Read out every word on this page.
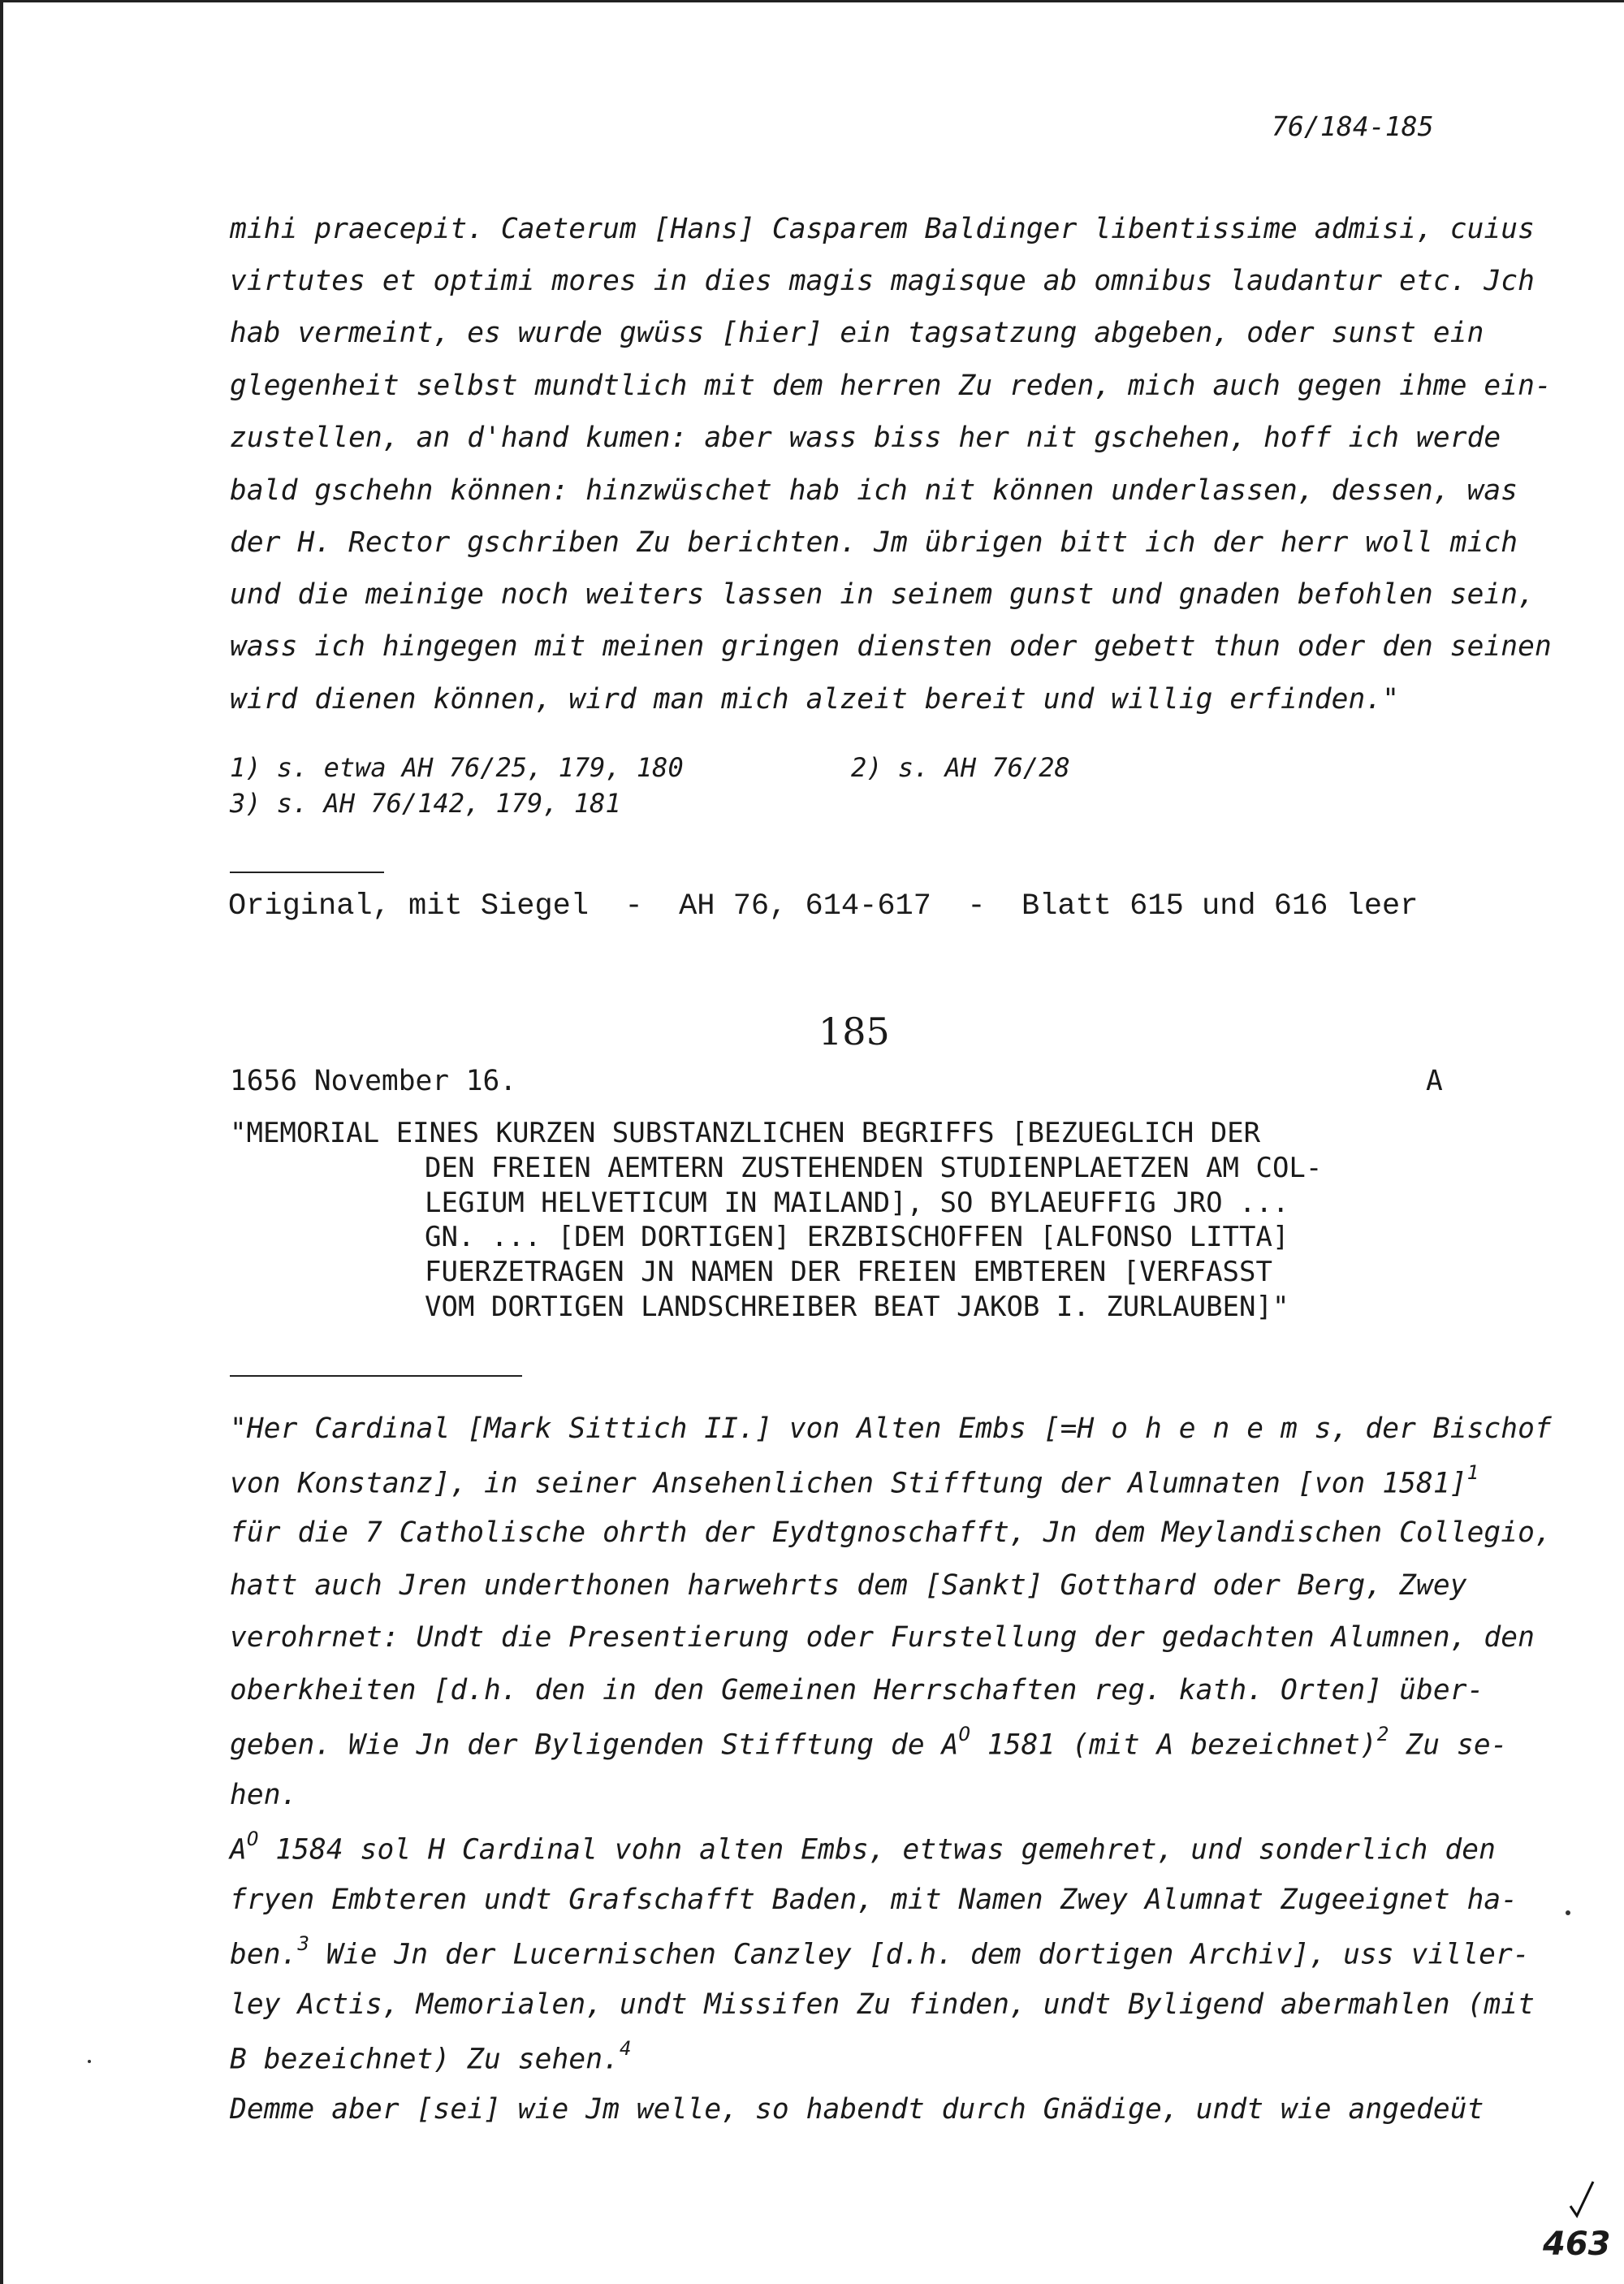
76/184-185
mihi praecepit. Caeterum [Hans] Casparem Baldinger libentissime admisi, cuius
virtutes et optimi mores in dies magis magisque ab omnibus laudantur etc. Jch
hab vermeint, es wurde gwüss [hier] ein tagsatzung abgeben, oder sunst ein
glegenheit selbst mundtlich mit dem herren Zu reden, mich auch gegen ihme ein-
zustellen, an d'hand kumen: aber wass biss her nit gschehen, hoff ich werde
bald gschehn können: hinzwüschet hab ich nit können underlassen, dessen, was
der H. Rector gschriben Zu berichten. Jm übrigen bitt ich der herr woll mich
und die meinige noch weiters lassen in seinem gunst und gnaden befohlen sein,
wass ich hingegen mit meinen gringen diensten oder gebett thun oder den seinen
wird dienen können, wird man mich alzeit bereit und willig erfinden."
1) s. etwa AH 76/25, 179, 180	2) s. AH 76/28
3) s. AH 76/142, 179, 181
Original, mit Siegel  -  AH 76, 614-617  -  Blatt 615 und 616 leer
185
1656 November 16.	A
"MEMORIAL EINES KURZEN SUBSTANZLICHEN BEGRIFFS [BEZUEGLICH DER
DEN FREIEN AEMTERN ZUSTEHENDEN STUDIENPLAETZEN AM COL-
LEGIUM HELVETICUM IN MAILAND], SO BYLAEUFFIG JRO ...
GN. ... [DEM DORTIGEN] ERZBISCHOFFEN [ALFONSO LITTA]
FUERZETRAGEN JN NAMEN DER FREIEN EMBTEREN [VERFASST
VOM DORTIGEN LANDSCHREIBER BEAT JAKOB I. ZURLAUBEN]"
"Her Cardinal [Mark Sittich II.] von Alten Embs [=H o h e n e m s, der Bischof
von Konstanz], in seiner Ansehenlichen Stifftung der Alumnaten [von 1581]$^1$
für die 7 Catholische ohrth der Eydtgnoschafft, Jn dem Meylandischen Collegio,
hatt auch Jren underthonen harwehrts dem [Sankt] Gotthard oder Berg, Zwey
verohrnet: Undt die Presentierung oder Furstellung der gedachten Alumnen, den
oberkheiten [d.h. den in den Gemeinen Herrschaften reg. kath. Orten] über-
geben. Wie Jn der Byligenden Stifftung de $A^O$ 1581 (mit A bezeichnet)$^2$ Zu se-
hen.
$A^O$ 1584 sol H Cardinal vohn alten Embs, ettwas gemehret, und sonderlich den
fryen Embteren undt Grafschafft Baden, mit Namen Zwey Alumnat Zugeeignet ha-
ben.$^3$ Wie Jn der Lucernischen Canzley [d.h. dem dortigen Archiv], uss viller-
ley Actis, Memorialen, undt Missifen Zu finden, undt Byligend abermahlen (mit
B bezeichnet) Zu sehen.$^4$
Demme aber [sei] wie Jm welle, so habendt durch Gnädige, undt wie angedeüt
463
